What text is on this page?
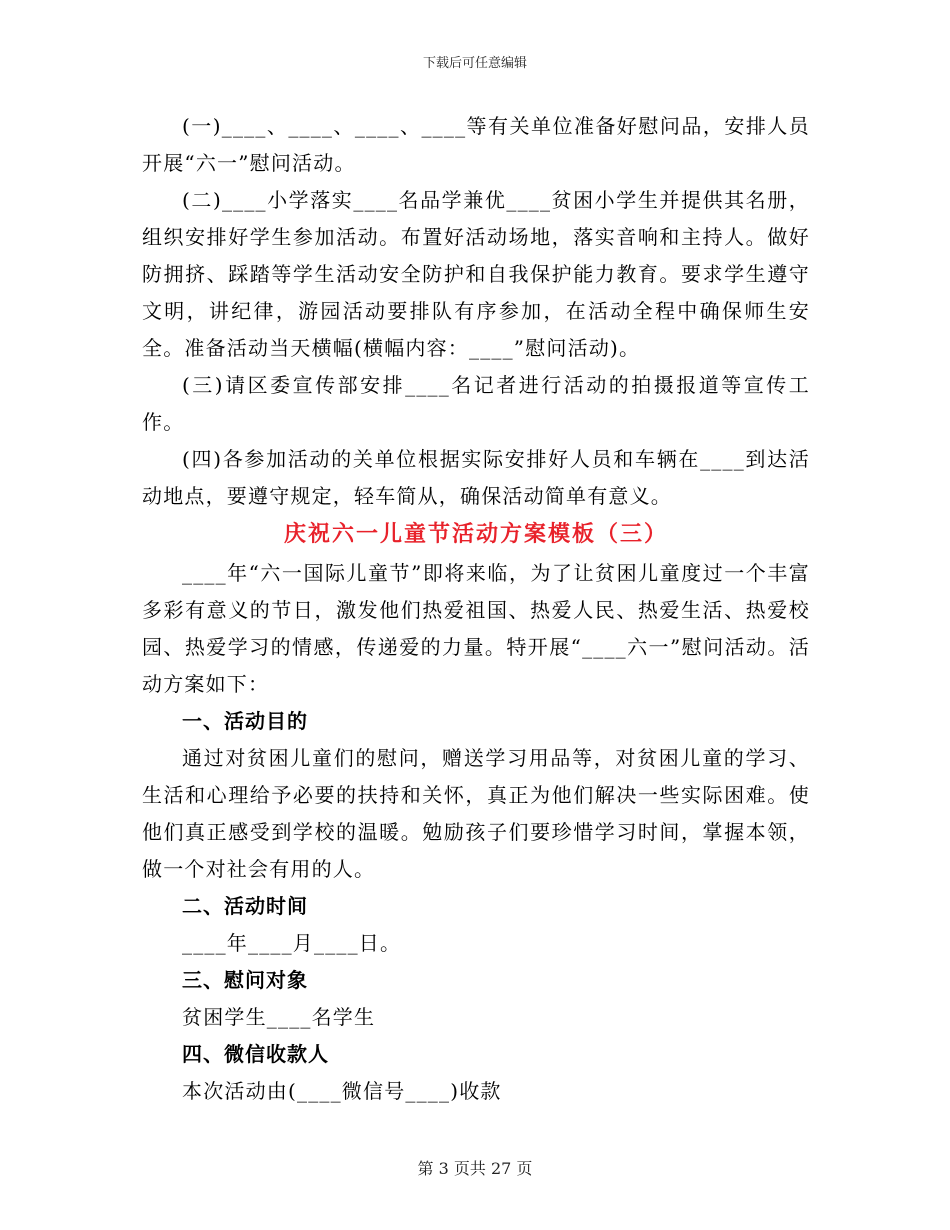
下载后可任意编辑

(一)____、____、____、____等有关单位准备好慰问品，安排人员开展“六一”慰问活动。

(二)____小学落实____名品学兼优____贫困小学生并提供其名册，组织安排好学生参加活动。布置好活动场地，落实音响和主持人。做好防拥挤、踩踏等学生活动安全防护和自我保护能力教育。要求学生遵守文明，讲纪律，游园活动要排队有序参加，在活动全程中确保师生安全。准备活动当天横幅(横幅内容：____”慰问活动)。

(三)请区委宣传部安排____名记者进行活动的拍摄报道等宣传工作。

(四)各参加活动的关单位根据实际安排好人员和车辆在____到达活动地点，要遵守规定，轻车简从，确保活动简单有意义。

庆祝六一儿童节活动方案模板（三）

____年“六一国际儿童节”即将来临，为了让贫困儿童度过一个丰富多彩有意义的节日，激发他们热爱祖国、热爱人民、热爱生活、热爱校园、热爱学习的情感，传递爱的力量。特开展“____六一”慰问活动。活动方案如下：

一、活动目的

通过对贫困儿童们的慰问，赠送学习用品等，对贫困儿童的学习、生活和心理给予必要的扶持和关怀，真正为他们解决一些实际困难。使他们真正感受到学校的温暖。勉励孩子们要珍惜学习时间，掌握本领，做一个对社会有用的人。

二、活动时间

____年____月____日。

三、慰问对象

贫困学生____名学生

四、微信收款人

本次活动由(____微信号____)收款

第 3 页共 27 页
